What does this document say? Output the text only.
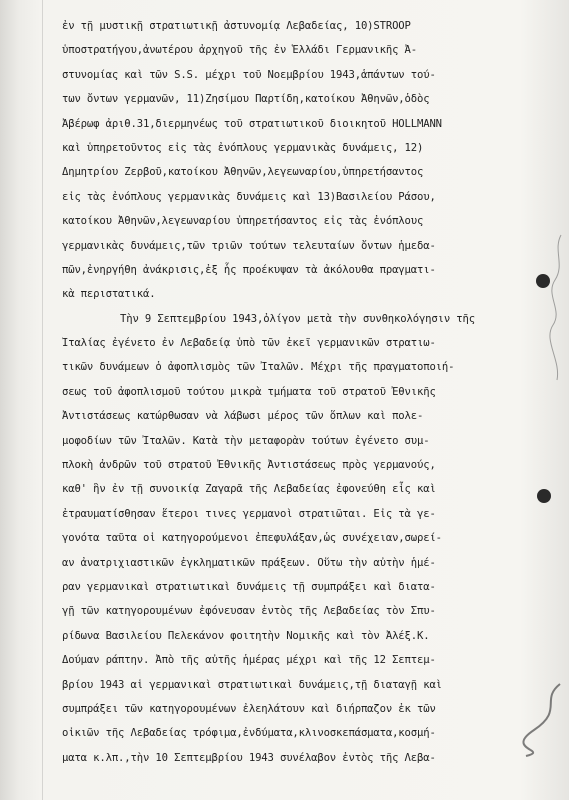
ἐν τῇ μυστικῇ στρατιωτικῇ ἀστυνομίᾳ Λεβαδείας, 10)STROOP
ὑποστρατήγου,ἀνωτέρου ἀρχηγοῦ τῆς ἐν Ἑλλάδι Γερμανικῆς Ἀ-
στυνομίας καὶ τῶν S.S. μέχρι τοῦ Νοεμβρίου 1943,ἁπάντων τού-
των ὄντων γερμανῶν, 11)Ζησίμου Παρτίδη,κατοίκου Ἀθηνῶν,ὁδὸς
Ἀβέρωφ ἀριθ.31,διερμηνέως τοῦ στρατιωτικοῦ διοικητοῦ HOLLMANN
καὶ ὑπηρετοῦντος εἰς τὰς ἐνόπλους γερμανικὰς δυνάμεις, 12)
Δημητρίου Ζερβοῦ,κατοίκου Ἀθηνῶν,λεγεωναρίου,ὑπηρετήσαντος
εἰς τὰς ἐνόπλους γερμανικὰς δυνάμεις καὶ 13)Βασιλείου Ράσου,
κατοίκου Ἀθηνῶν,λεγεωναρίου ὑπηρετήσαντος εἰς τὰς ἐνόπλους
γερμανικὰς δυνάμεις,τῶν τριῶν τούτων τελευταίων ὄντων ἡμεδα-
πῶν,ἐνηργήθη ἀνάκρισις,ἐξ ἧς προέκυψαν τὰ ἀκόλουθα πραγματι-
κὰ περιστατικά.
Τὴν 9 Σεπτεμβρίου 1943,ὀλίγον μετὰ τὴν συνθηκολόγησιν τῆς
Ἰταλίας ἐγένετο ἐν Λεβαδείᾳ ὑπὸ τῶν ἐκεῖ γερμανικῶν στρατιω-
τικῶν δυνάμεων ὁ ἀφοπλισμὸς τῶν Ἰταλῶν. Μέχρι τῆς πραγματοποιή-
σεως τοῦ ἀφοπλισμοῦ τούτου μικρὰ τμήματα τοῦ στρατοῦ Ἐθνικῆς
Ἀντιστάσεως κατώρθωσαν νὰ λάβωσι μέρος τῶν ὅπλων καὶ πολε-
μοφοδίων τῶν Ἰταλῶν. Κατὰ τὴν μεταφορὰν τούτων ἐγένετο συμ-
πλοκὴ ἀνδρῶν τοῦ στρατοῦ Ἐθνικῆς Ἀντιστάσεως πρὸς γερμανούς,
καθ' ἣν ἐν τῇ συνοικίᾳ Ζαγαρᾶ τῆς Λεβαδείας ἐφονεύθη εἷς καὶ
ἐτραυματίσθησαν ἕτεροι τινες γερμανοὶ στρατιῶται. Εἰς τὰ γε-
γονότα ταῦτα οἱ κατηγορούμενοι ἐπεφυλάξαν,ὡς συνέχειαν,σωρεί-
αν ἀνατριχιαστικῶν ἐγκληματικῶν πράξεων. Οὕτω τὴν αὐτὴν ἡμέ-
ραν γερμανικαὶ στρατιωτικαὶ δυνάμεις τῇ συμπράξει καὶ διατα-
γῇ τῶν κατηγορουμένων ἐφόνευσαν ἐντὸς τῆς Λεβαδείας τὸν Σπυ-
ρίδωνα Βασιλείου Πελεκάνον φοιτητὴν Νομικῆς καὶ τὸν Ἀλέξ.Κ.
Δούμαν ράπτην. Ἀπὸ τῆς αὐτῆς ἡμέρας μέχρι καὶ τῆς 12 Σεπτεμ-
βρίου 1943 αἱ γερμανικαὶ στρατιωτικαὶ δυνάμεις,τῇ διαταγῇ καὶ
συμπράξει τῶν κατηγορουμένων ἐλεηλάτουν καὶ διήρπαζον ἐκ τῶν
οἰκιῶν τῆς Λεβαδείας τρόφιμα,ἐνδύματα,κλινοσκεπάσματα,κοσμή-
ματα κ.λπ.,τὴν 10 Σεπτεμβρίου 1943 συνέλαβον ἐντὸς τῆς Λεβα-
